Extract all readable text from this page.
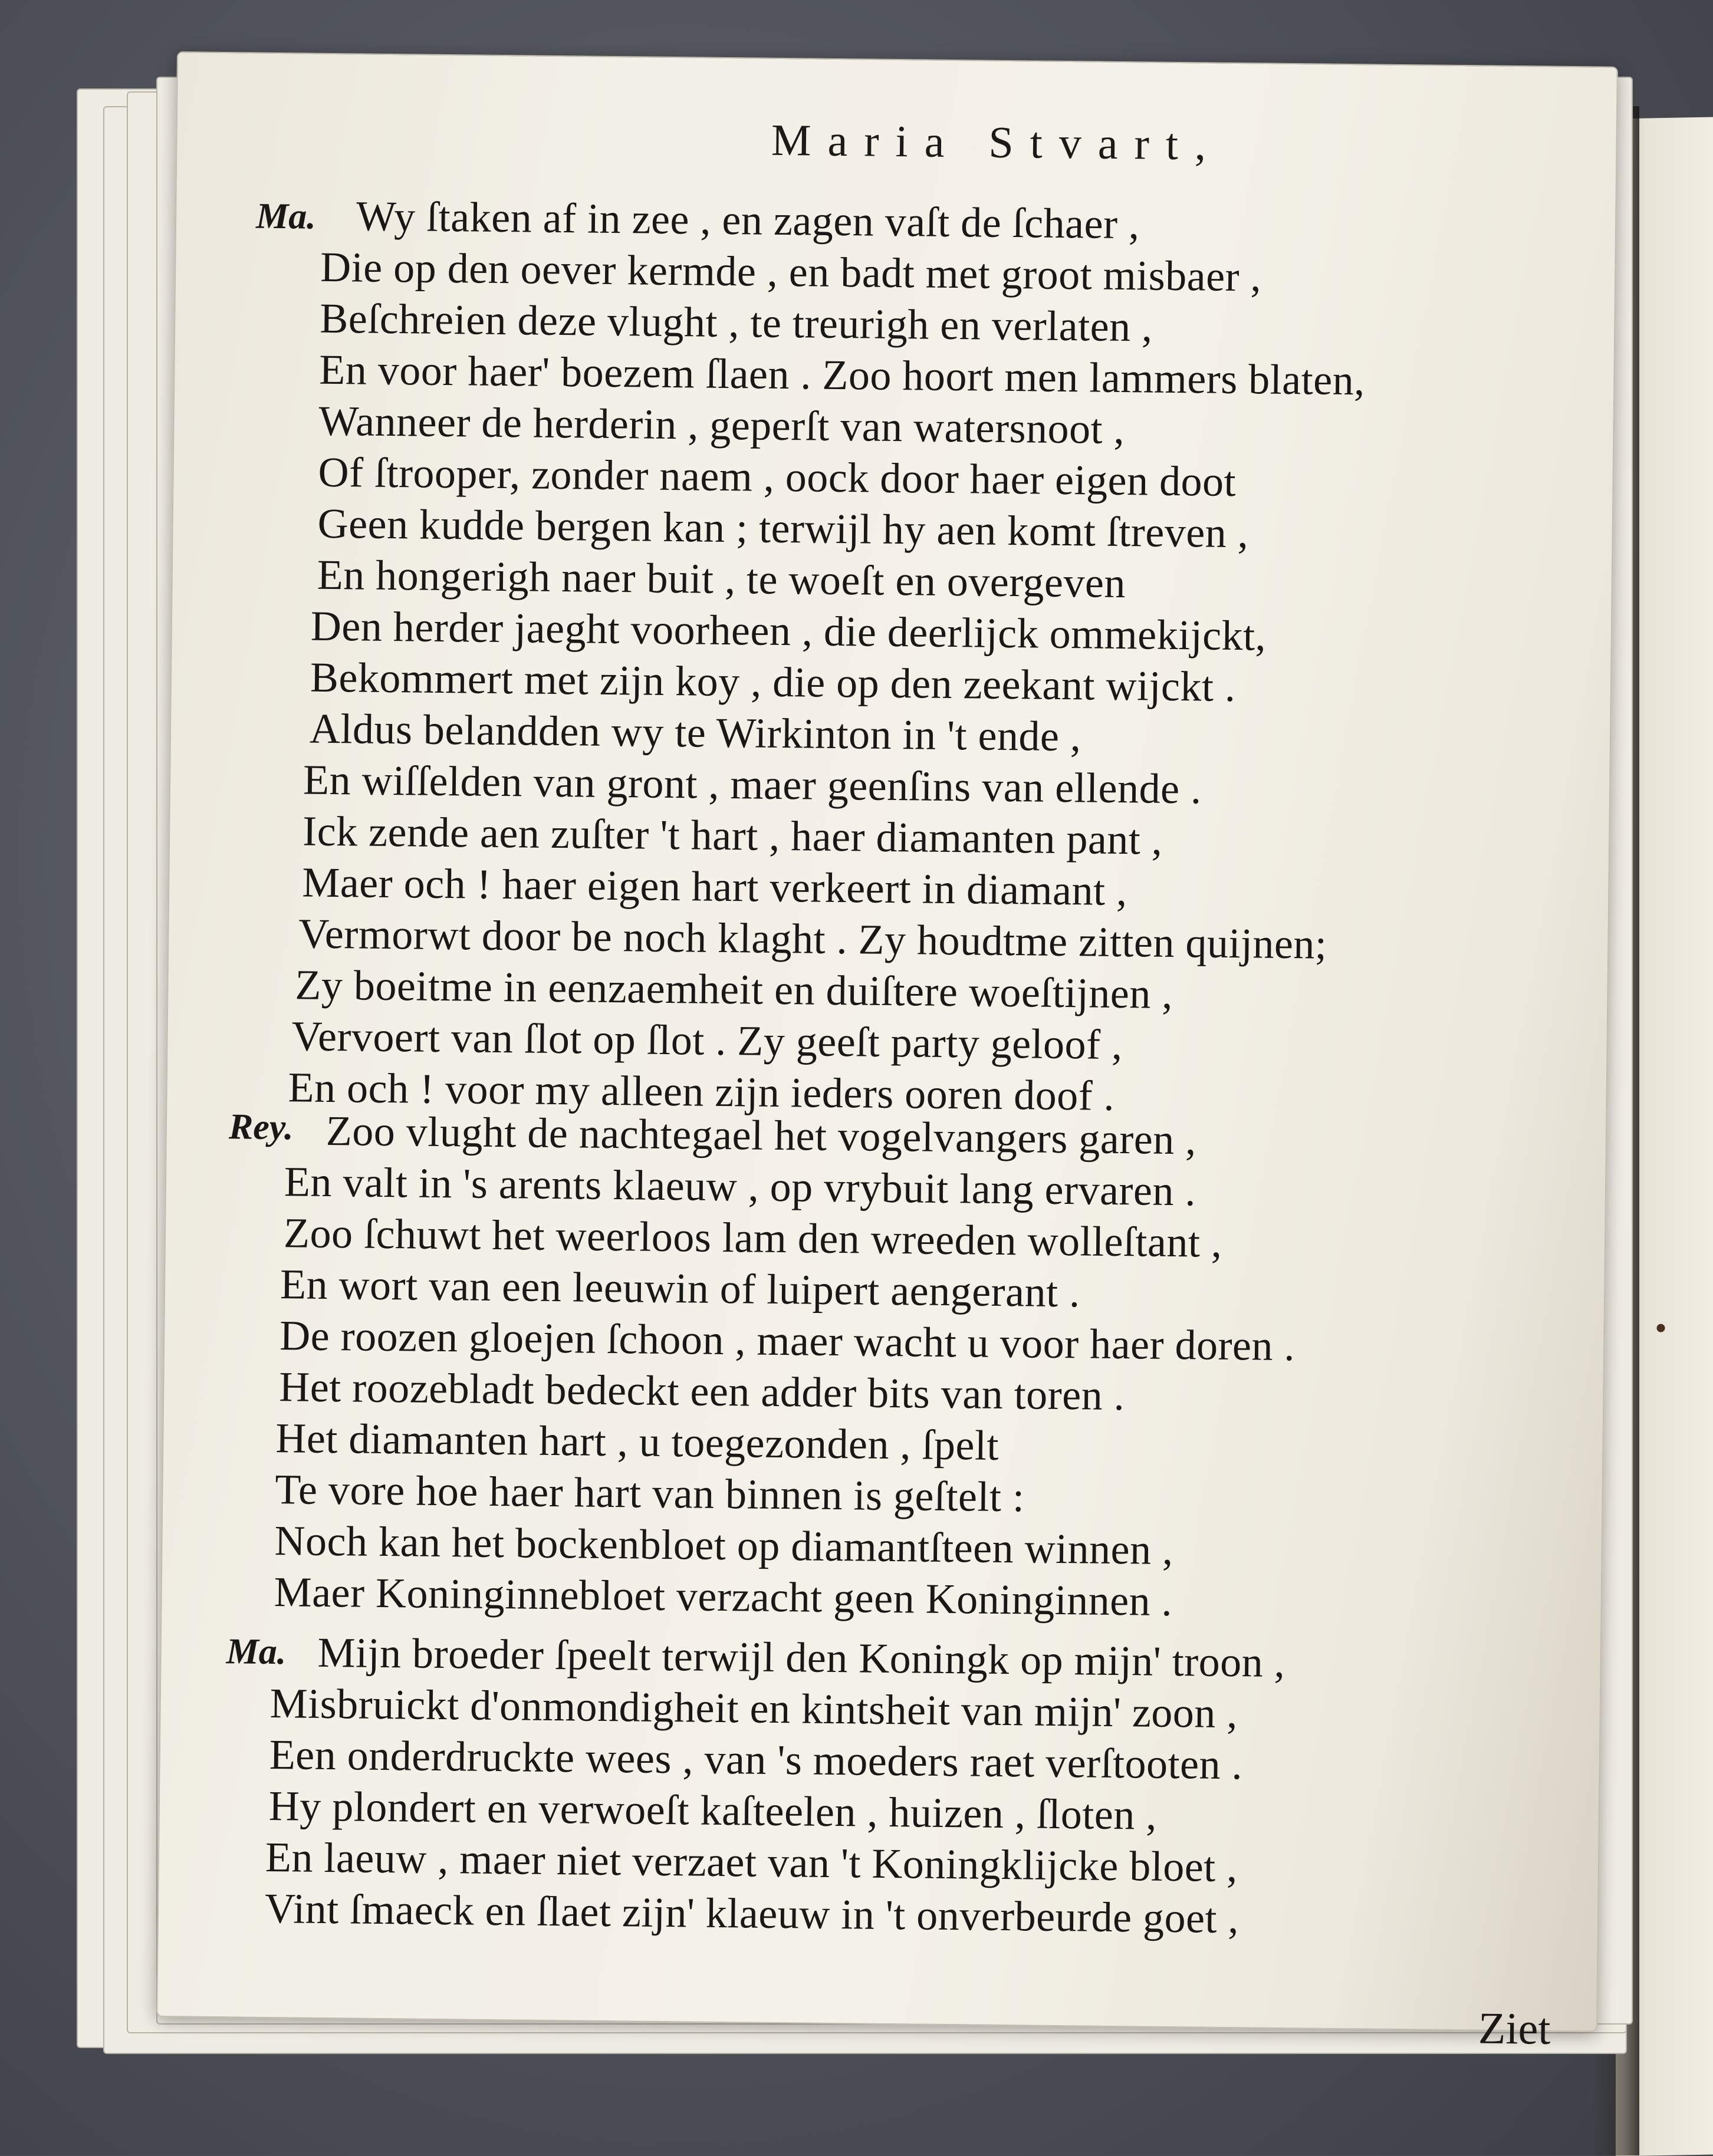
Maria Stvart,
Ma.
Rey.
Ma.
Wy ſtaken af in zee , en zagen vaſt de ſchaer ,
Die op den oever kermde , en badt met groot misbaer ,
Beſchreien deze vlught , te treurigh en verlaten ,
En voor haer' boezem ſlaen . Zoo hoort men lammers blaten,
Wanneer de herderin , geperſt van watersnoot ,
Of ſtrooper, zonder naem , oock door haer eigen doot
Geen kudde bergen kan ; terwijl hy aen komt ſtreven ,
En hongerigh naer buit , te woeſt en overgeven
Den herder jaeght voorheen , die deerlijck ommekijckt,
Bekommert met zijn koy , die op den zeekant wijckt .
Aldus belandden wy te Wirkinton in 't ende ,
En wiſſelden van gront , maer geenſins van ellende .
Ick zende aen zuſter 't hart , haer diamanten pant ,
Maer och ! haer eigen hart verkeert in diamant ,
Vermorwt door be noch klaght . Zy houdtme zitten quijnen;
Zy boeitme in eenzaemheit en duiſtere woeſtijnen ,
Vervoert van ſlot op ſlot . Zy geeſt party geloof ,
En och ! voor my alleen zijn ieders ooren doof .
Zoo vlught de nachtegael het vogelvangers garen ,
En valt in 's arents klaeuw , op vrybuit lang ervaren .
Zoo ſchuwt het weerloos lam den wreeden wolleſtant ,
En wort van een leeuwin of luipert aengerant .
De roozen gloejen ſchoon , maer wacht u voor haer doren .
Het roozebladt bedeckt een adder bits van toren .
Het diamanten hart , u toegezonden , ſpelt
Te vore hoe haer hart van binnen is geſtelt :
Noch kan het bockenbloet op diamantſteen winnen ,
Maer Koninginnebloet verzacht geen Koninginnen .
Mijn broeder ſpeelt terwijl den Koningk op mijn' troon ,
Misbruickt d'onmondigheit en kintsheit van mijn' zoon ,
Een onderdruckte wees , van 's moeders raet verſtooten .
Hy plondert en verwoeſt kaſteelen , huizen , ſloten ,
En laeuw , maer niet verzaet van 't Koningklijcke bloet ,
Vint ſmaeck en ſlaet zijn' klaeuw in 't onverbeurde goet ,
Ziet
